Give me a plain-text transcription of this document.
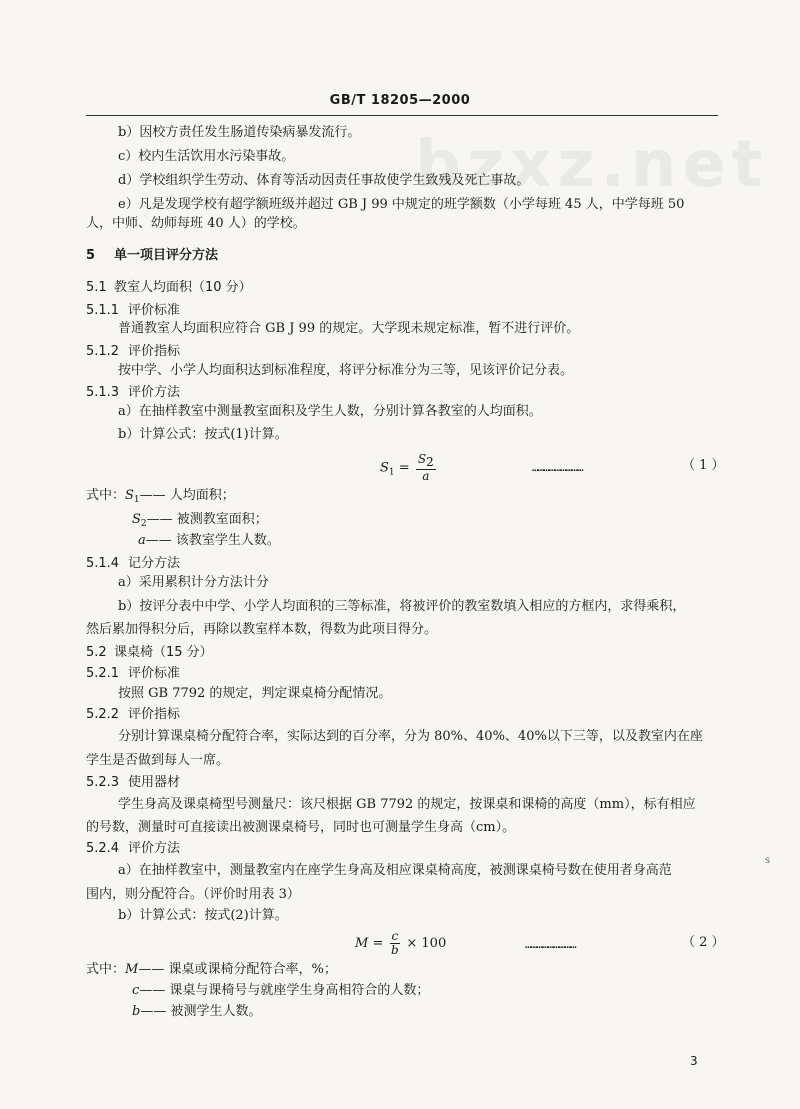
bzxz.net
GB/T 18205—2000
b）因校方责任发生肠道传染病暴发流行。
c）校内生活饮用水污染事故。
d）学校组织学生劳动、体育等活动因责任事故使学生致残及死亡事故。
e）凡是发现学校有超学额班级并超过 GB J 99 中规定的班学额数（小学每班 45 人，中学每班 50
人，中师、幼师每班 40 人）的学校。
5 单一项目评分方法
5.1 教室人均面积（10 分）
5.1.1 评价标准
普通教室人均面积应符合 GB J 99 的规定。大学现未规定标准，暂不进行评价。
5.1.2 评价指标
按中学、小学人均面积达到标准程度，将评分标准分为三等，见该评价记分表。
5.1.3 评价方法
a）在抽样教室中测量教室面积及学生人数，分别计算各教室的人均面积。
b）计算公式：按式(1)计算。
$S_1 = \frac{S2}{a}$	………………………	（ 1 ）
式中：$S_1——$ 人均面积；
$S_2——$ 被测教室面积；
a—— 该教室学生人数。
5.1.4 记分方法
a）采用累积计分方法计分
b）按评分表中中学、小学人均面积的三等标准，将被评价的教室数填入相应的方框内，求得乘积，
然后累加得积分后，再除以教室样本数，得数为此项目得分。
5.2 课桌椅（15 分）
5.2.1 评价标准
按照 GB 7792 的规定，判定课桌椅分配情况。
5.2.2 评价指标
分别计算课桌椅分配符合率，实际达到的百分率，分为 80%、40%、40%以下三等，以及教室内在座
学生是否做到每人一席。
5.2.3 使用器材
学生身高及课桌椅型号测量尺：该尺根据 GB 7792 的规定，按课桌和课椅的高度（mm），标有相应
的号数，测量时可直接读出被测课桌椅号，同时也可测量学生身高（cm）。
5.2.4 评价方法
a）在抽样教室中，测量教室内在座学生身高及相应课桌椅高度，被测课桌椅号数在使用者身高范
围内，则分配符合。（评价时用表 3）
b）计算公式：按式(2)计算。
$M = \frac{c}{b} \times 100$	………………………	（ 2 ）
式中：M—— 课桌或课椅分配符合率，%；
c—— 课桌与课椅号与就座学生身高相符合的人数；
b—— 被测学生人数。
s
3
